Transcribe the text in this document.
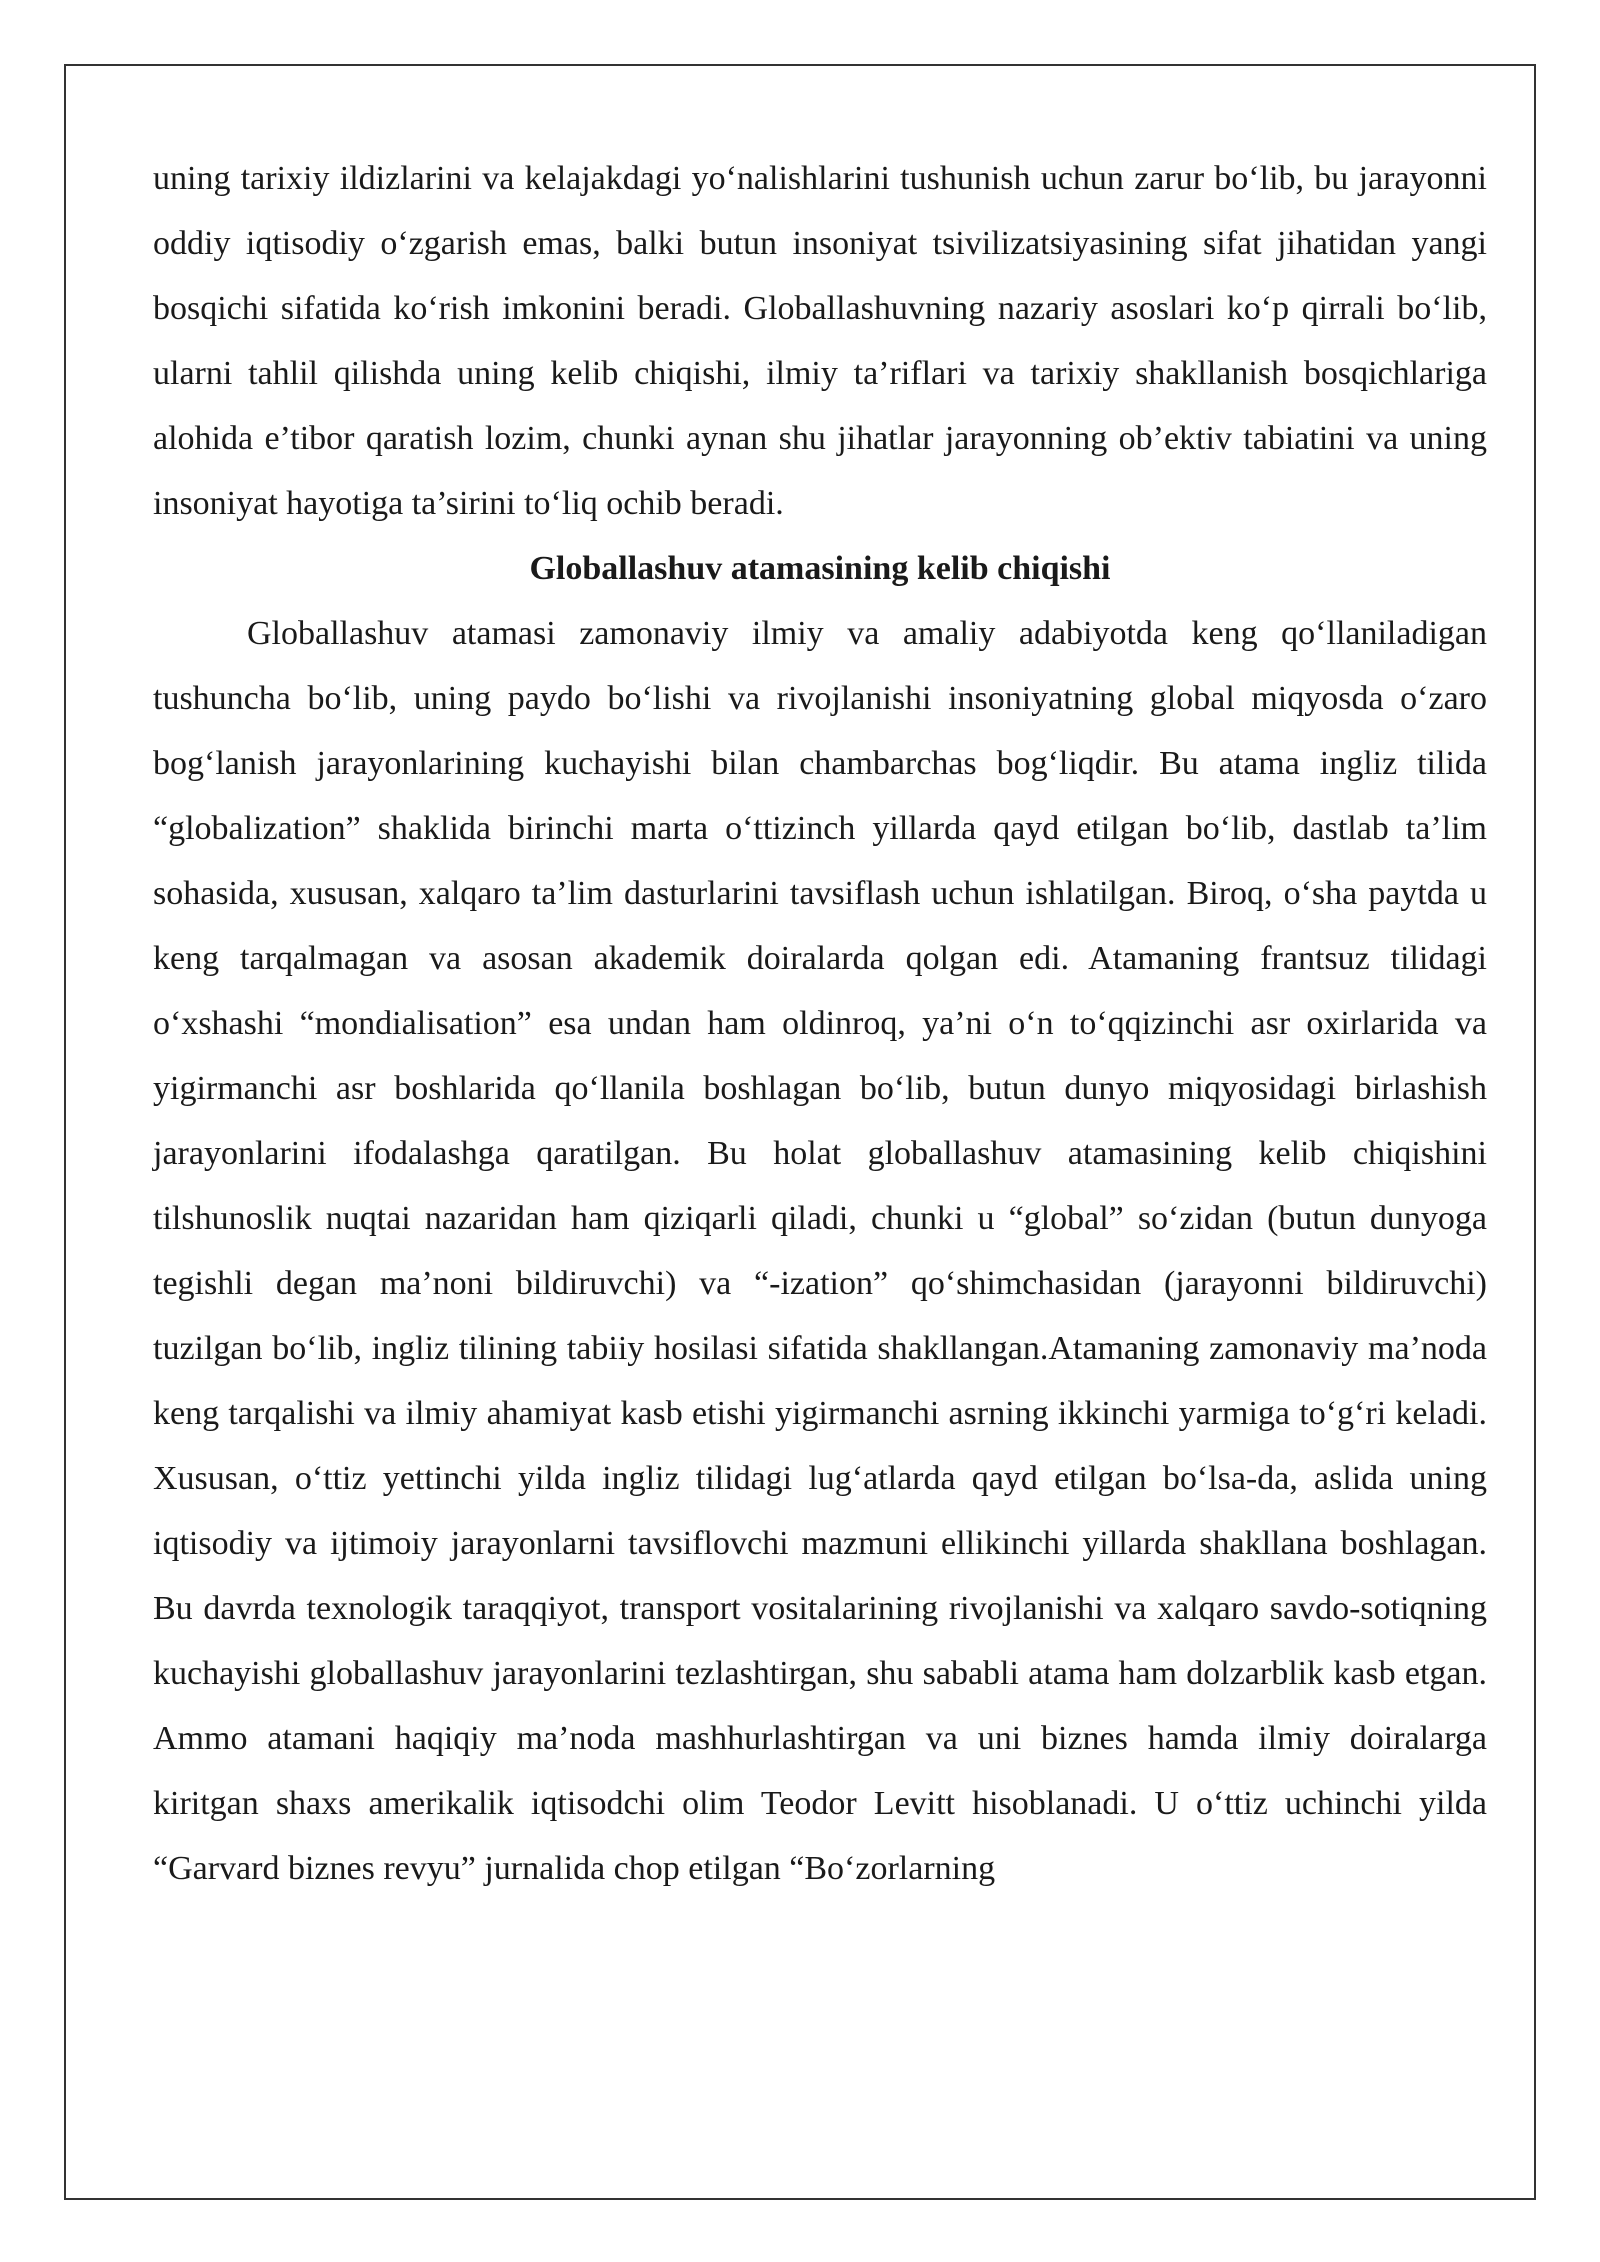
uning tarixiy ildizlarini va kelajakdagi yo‘nalishlarini tushunish uchun zarur bo‘lib, bu jarayonni oddiy iqtisodiy o‘zgarish emas, balki butun insoniyat tsivilizatsiyasining sifat jihatidan yangi bosqichi sifatida ko‘rish imkonini beradi. Globallashuvning nazariy asoslari ko‘p qirrali bo‘lib, ularni tahlil qilishda uning kelib chiqishi, ilmiy ta’riflari va tarixiy shakllanish bosqichlariga alohida e’tibor qaratish lozim, chunki aynan shu jihatlar jarayonning ob’ektiv tabiatini va uning insoniyat hayotiga ta’sirini to‘liq ochib beradi.

Globallashuv atamasining kelib chiqishi

Globallashuv atamasi zamonaviy ilmiy va amaliy adabiyotda keng qo‘llaniladigan tushuncha bo‘lib, uning paydo bo‘lishi va rivojlanishi insoniyatning global miqyosda o‘zaro bog‘lanish jarayonlarining kuchayishi bilan chambarchas bog‘liqdir. Bu atama ingliz tilida “globalization” shaklida birinchi marta o‘ttizinch yillarda qayd etilgan bo‘lib, dastlab ta’lim sohasida, xususan, xalqaro ta’lim dasturlarini tavsiflash uchun ishlatilgan. Biroq, o‘sha paytda u keng tarqalmagan va asosan akademik doiralarda qolgan edi. Atamaning frantsuz tilidagi o‘xshashi “mondialisation” esa undan ham oldinroq, ya’ni o‘n to‘qqizinchi asr oxirlarida va yigirmanchi asr boshlarida qo‘llanila boshlagan bo‘lib, butun dunyo miqyosidagi birlashish jarayonlarini ifodalashga qaratilgan. Bu holat globallashuv atamasining kelib chiqishini tilshunoslik nuqtai nazaridan ham qiziqarli qiladi, chunki u “global” so‘zidan (butun dunyoga tegishli degan ma’noni bildiruvchi) va “-ization” qo‘shimchasidan (jarayonni bildiruvchi) tuzilgan bo‘lib, ingliz tilining tabiiy hosilasi sifatida shakllangan.Atamaning zamonaviy ma’noda keng tarqalishi va ilmiy ahamiyat kasb etishi yigirmanchi asrning ikkinchi yarmiga to‘g‘ri keladi. Xususan, o‘ttiz yettinchi yilda ingliz tilidagi lug‘atlarda qayd etilgan bo‘lsa-da, aslida uning iqtisodiy va ijtimoiy jarayonlarni tavsiflovchi mazmuni ellikinchi yillarda shakllana boshlagan. Bu davrda texnologik taraqqiyot, transport vositalarining rivojlanishi va xalqaro savdo-sotiqning kuchayishi globallashuv jarayonlarini tezlashtirgan, shu sababli atama ham dolzarblik kasb etgan. Ammo atamani haqiqiy ma’noda mashhurlashtirgan va uni biznes hamda ilmiy doiralarga kiritgan shaxs amerikalik iqtisodchi olim Teodor Levitt hisoblanadi. U o‘ttiz uchinchi yilda “Garvard biznes revyu” jurnalida chop etilgan “Bo‘zorlarning
